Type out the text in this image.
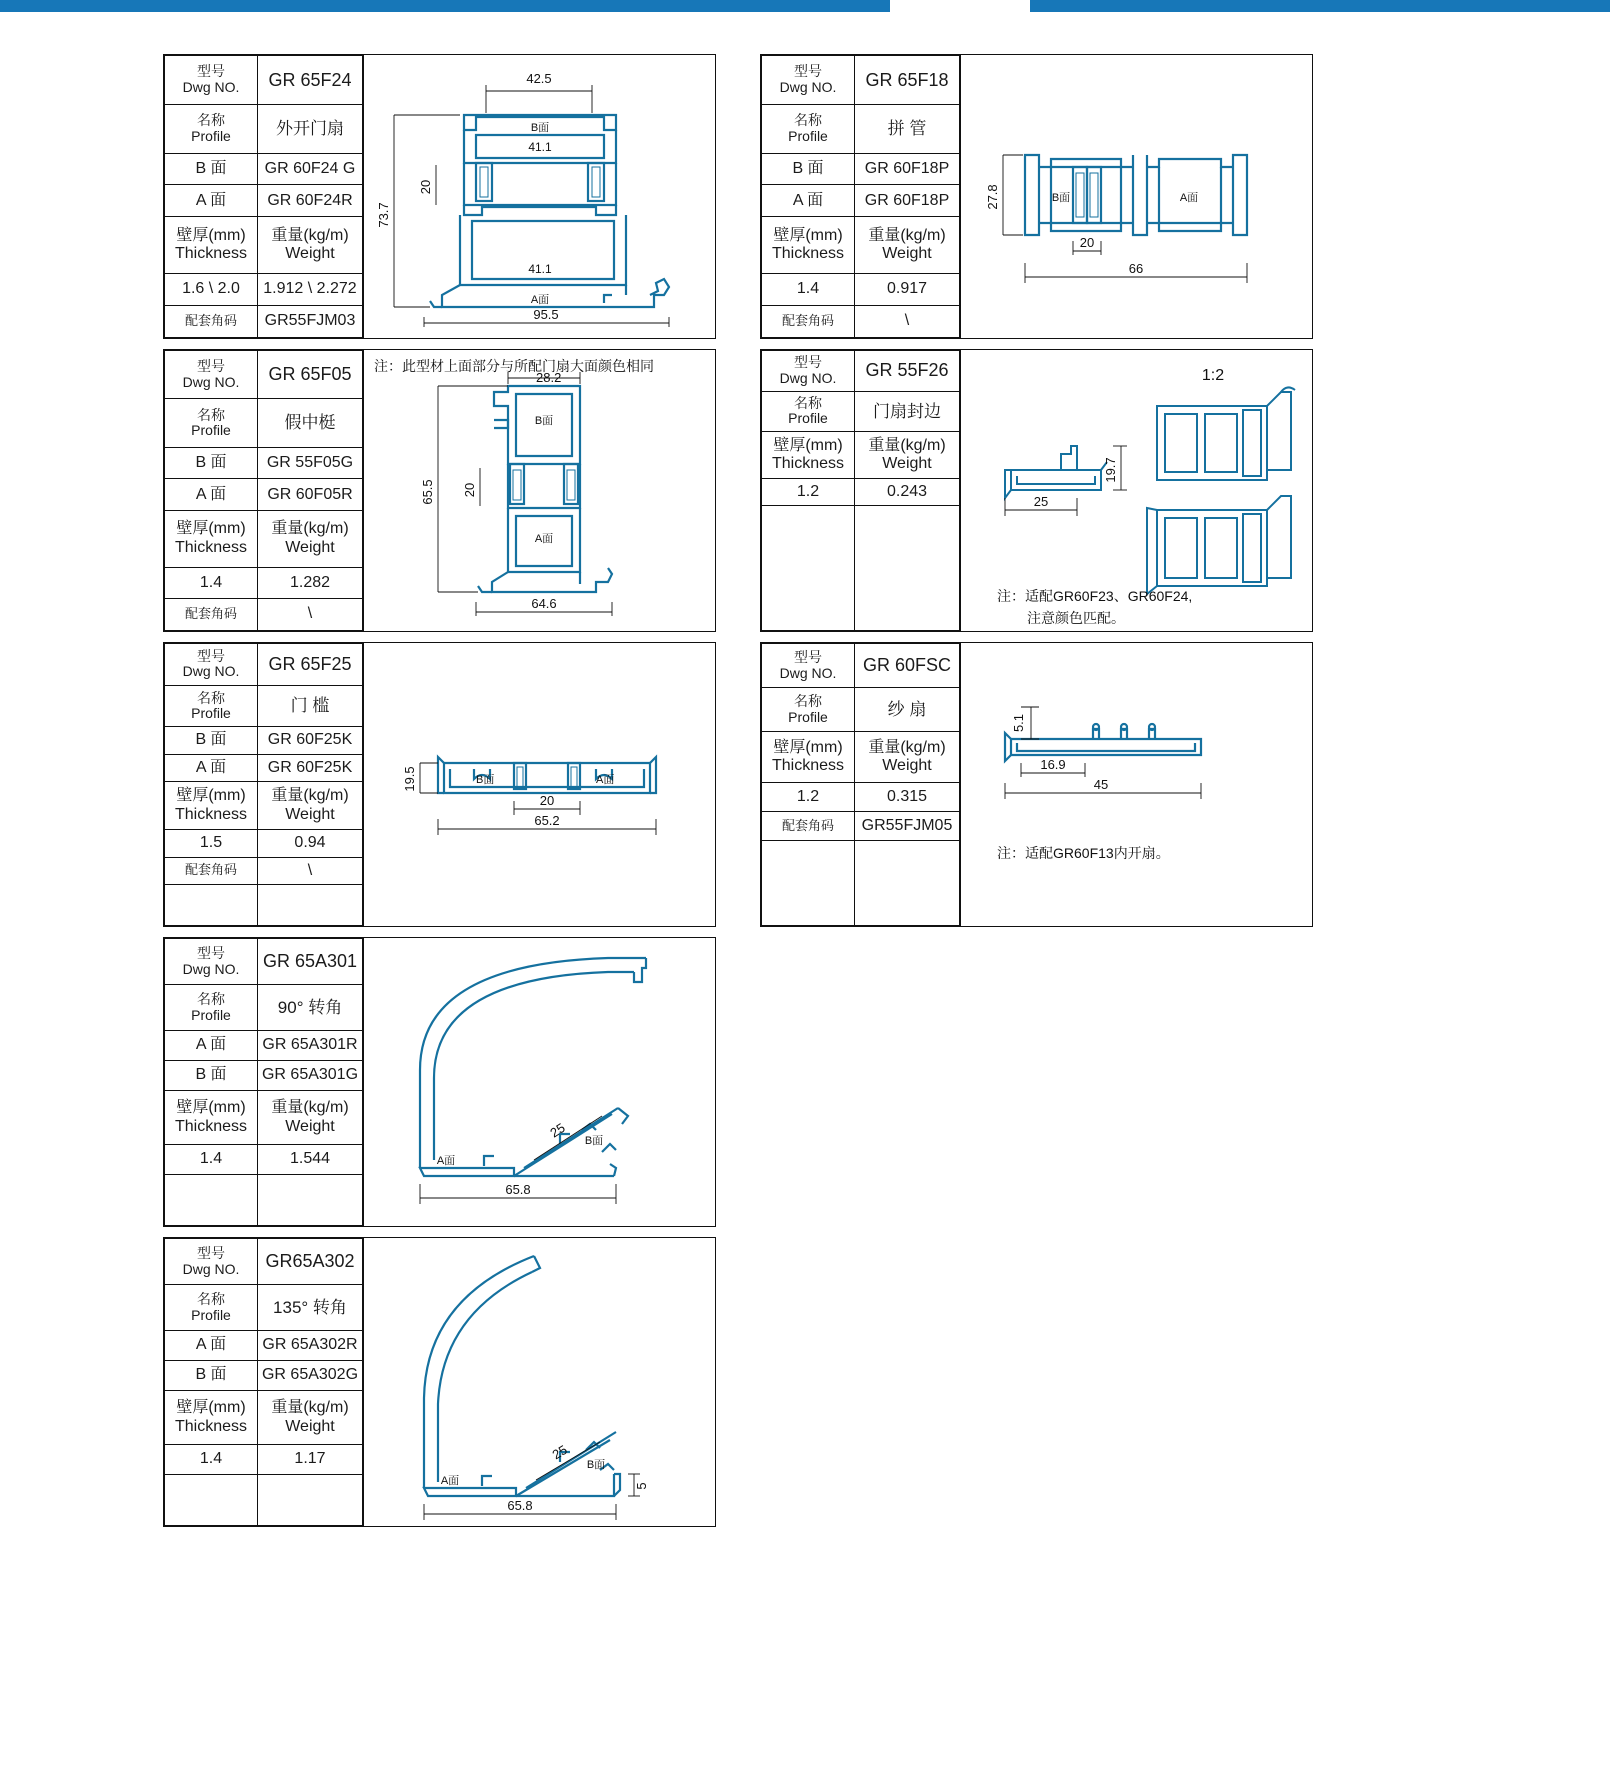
型号
Dwg NO.	GR 65F24
名称
Profile	外开门扇
B 面	GR 60F24 G
A 面	GR 60F24R
壁厚(mm)
Thickness	重量(kg/m)
Weight
1.6 \ 2.0	1.912 \ 2.272
配套角码	GR55FJM03
42.5
41.1
41.1
95.5
B面
A面
73.7
20
型号
Dwg NO.	GR 65F05
名称
Profile	假中梃
B 面	GR 55F05G
A 面	GR 60F05R
壁厚(mm)
Thickness	重量(kg/m)
Weight
1.4	1.282
配套角码	\
注：此型材上面部分与所配门扇大面颜色相同
B面
A面
65.5 20
64.6
28.2
型号
Dwg NO.	GR 65F25
名称
Profile	门 槛
B 面	GR 60F25K
A 面	GR 60F25K
壁厚(mm)
Thickness	重量(kg/m)
Weight
1.5	0.94
配套角码	\

19.5
20
65.2
B面	A面
型号
Dwg NO.	GR 65A301
名称
Profile	90° 转角
A 面	GR 65A301R
B 面	GR 65A301G
壁厚(mm)
Thickness	重量(kg/m)
Weight
1.4	1.544

25
65.8
A面
B面
型号
Dwg NO.	GR65A302
名称
Profile	135° 转角
A 面	GR 65A302R
B 面	GR 65A302G
壁厚(mm)
Thickness	重量(kg/m)
Weight
1.4	1.17
		25
65.8
5
A面
B面
型号
Dwg NO.	GR 65F18
名称
Profile	拼 管
B 面	GR 60F18P
A 面	GR 60F18P
壁厚(mm)
Thickness	重量(kg/m)
Weight
1.4	0.917
配套角码	\
27.8
20
66
B面	A面
型号
Dwg NO.	GR 55F26
名称
Profile	门扇封边
壁厚(mm)
Thickness	重量(kg/m)
Weight
1.2	0.243

19.7
25
1:2
注：适配GR60F23、GR60F24,
注意颜色匹配。
型号
Dwg NO.	GR 60FSC
名称
Profile	纱 扇
壁厚(mm)
Thickness	重量(kg/m)
Weight
1.2	0.315
配套角码	GR55FJM05

5.1
16.9
45
注：适配GR60F13内开扇。
